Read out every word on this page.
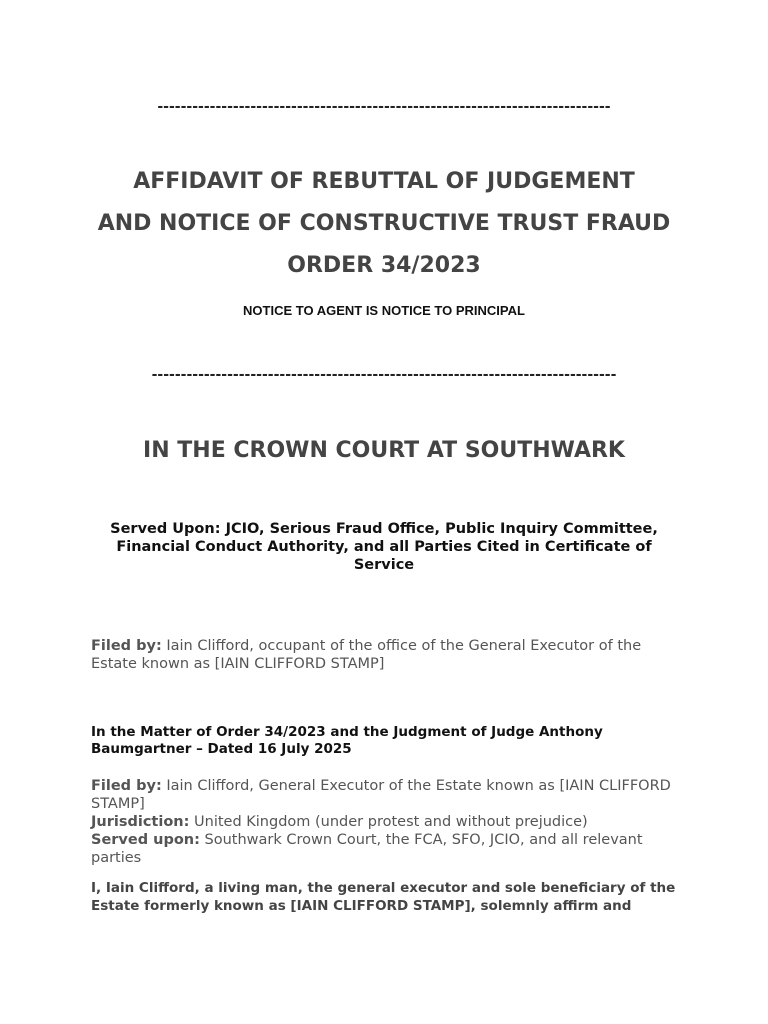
------------------------------------------------------------------------------
AFFIDAVIT OF REBUTTAL OF JUDGEMENT
AND NOTICE OF CONSTRUCTIVE TRUST FRAUD
ORDER 34/2023
NOTICE TO AGENT IS NOTICE TO PRINCIPAL
--------------------------------------------------------------------------------
IN THE CROWN COURT AT SOUTHWARK
Served Upon: JCIO, Serious Fraud Office, Public Inquiry Committee, Financial Conduct Authority, and all Parties Cited in Certificate of Service
Filed by: Iain Clifford, occupant of the office of the General Executor of the Estate known as [IAIN CLIFFORD STAMP]
In the Matter of Order 34/2023 and the Judgment of Judge Anthony Baumgartner – Dated 16 July 2025
Filed by: Iain Clifford, General Executor of the Estate known as [IAIN CLIFFORD STAMP]
Jurisdiction: United Kingdom (under protest and without prejudice)
Served upon: Southwark Crown Court, the FCA, SFO, JCIO, and all relevant parties
I, Iain Clifford, a living man, the general executor and sole beneficiary of the Estate formerly known as [IAIN CLIFFORD STAMP], solemnly affirm and
